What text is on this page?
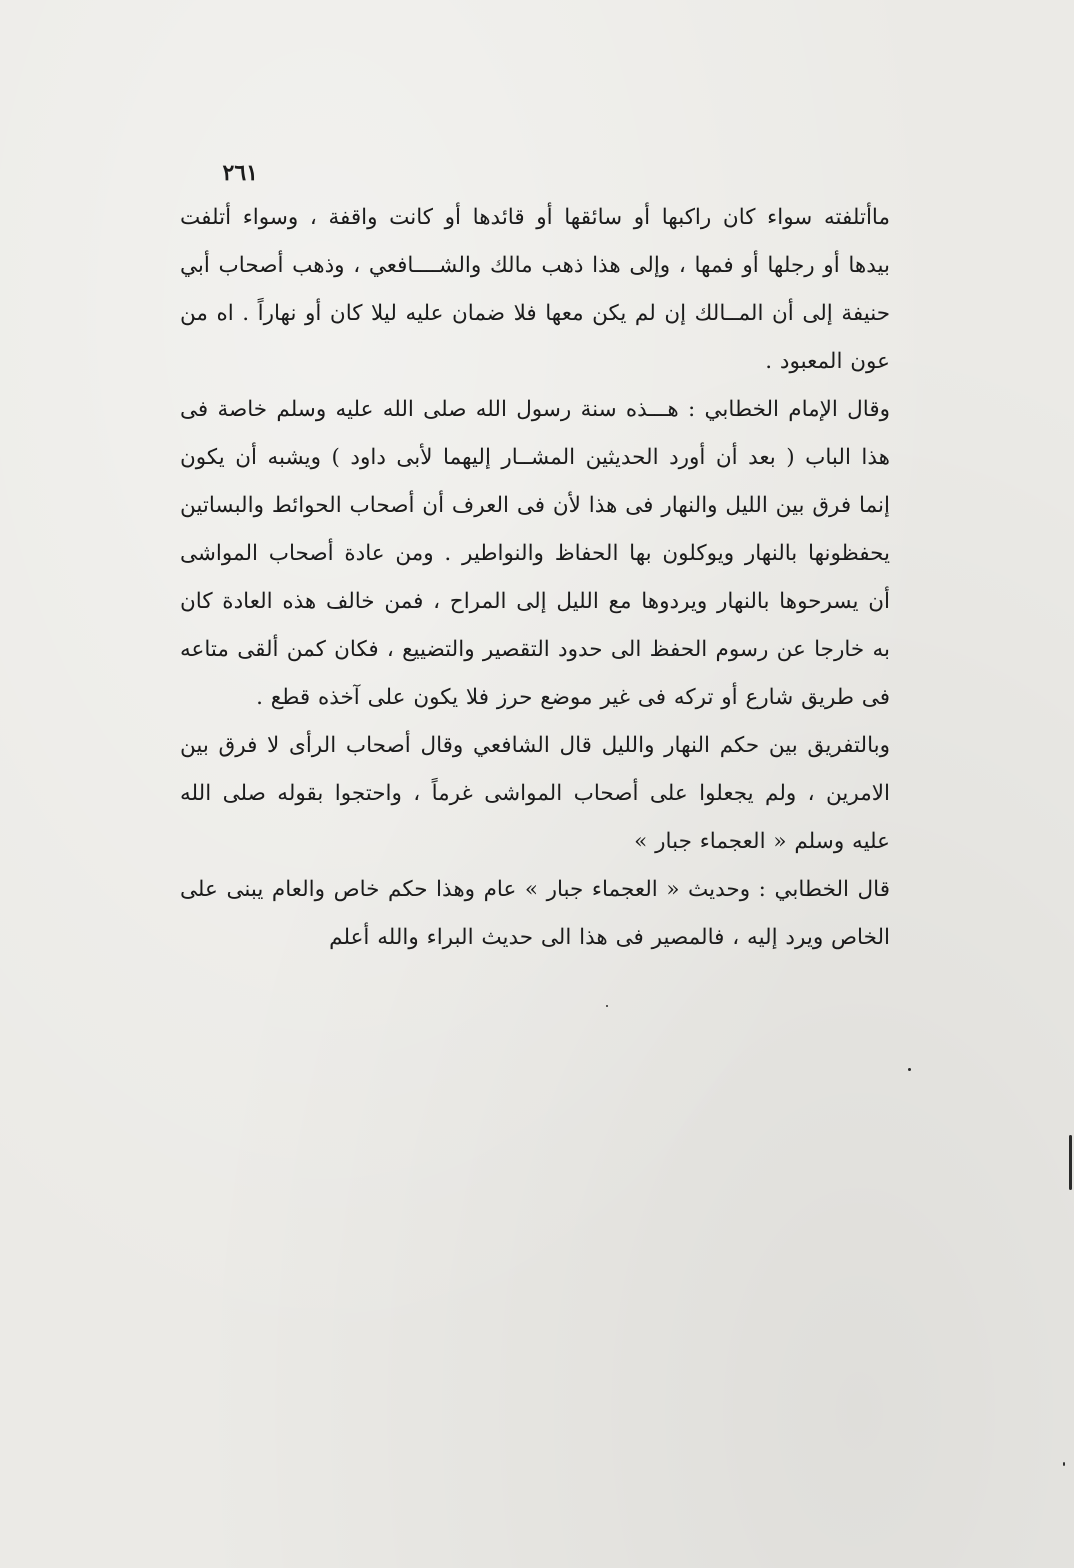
٢٦١

ماأتلفته سواء كان راكبها أو سائقها أو قائدها أو كانت واقفة ، وسواء أتلفت بيدها أو رجلها أو فمها ، وإلى هذا ذهب مالك والشــــافعي ، وذهب أصحاب أبي حنيفة إلى أن المــالك إن لم يكن معها فلا ضمان عليه ليلا كان أو نهاراً . اه من عون المعبود .

وقال الإمام الخطابي : هـــذه سنة رسول الله صلى الله عليه وسلم خاصة فى هذا الباب ( بعد أن أورد الحديثين المشــار إليهما لأبى داود ) ويشبه أن يكون إنما فرق بين الليل والنهار فى هذا لأن فى العرف أن أصحاب الحوائط والبساتين يحفظونها بالنهار ويوكلون بها الحفاظ والنواطير . ومن عادة أصحاب المواشى أن يسرحوها بالنهار ويردوها مع الليل إلى المراح ، فمن خالف هذه العادة كان به خارجا عن رسوم الحفظ الى حدود التقصير والتضييع ، فكان كمن ألقى متاعه فى طريق شارع أو تركه فى غير موضع حرز فلا يكون على آخذه قطع .

وبالتفريق بين حكم النهار والليل قال الشافعي وقال أصحاب الرأى لا فرق بين الامرين ، ولم يجعلوا على أصحاب المواشى غرماً ، واحتجوا بقوله صلى الله عليه وسلم « العجماء جبار »

قال الخطابي : وحديث « العجماء جبار » عام وهذا حكم خاص والعام يبنى على الخاص ويرد إليه ، فالمصير فى هذا الى حديث البراء والله أعلم
